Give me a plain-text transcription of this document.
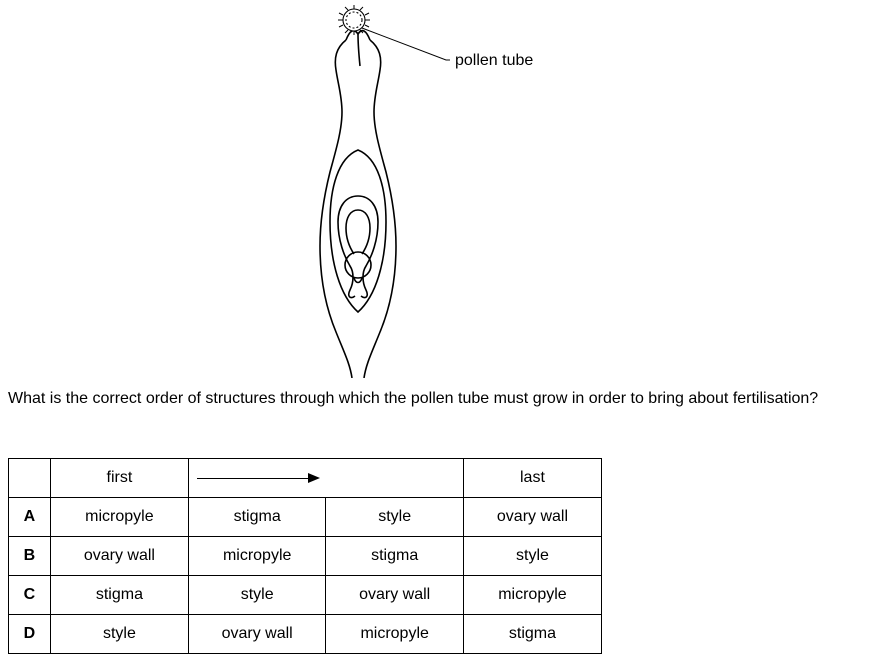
pollen tube
What is the correct order of structures through which the pollen tube must grow in order to bring about fertilisation?
	first			last
A	micropyle	stigma	style	ovary wall
B	ovary wall	micropyle	stigma	style
C	stigma	style	ovary wall	micropyle
D	style	ovary wall	micropyle	stigma
